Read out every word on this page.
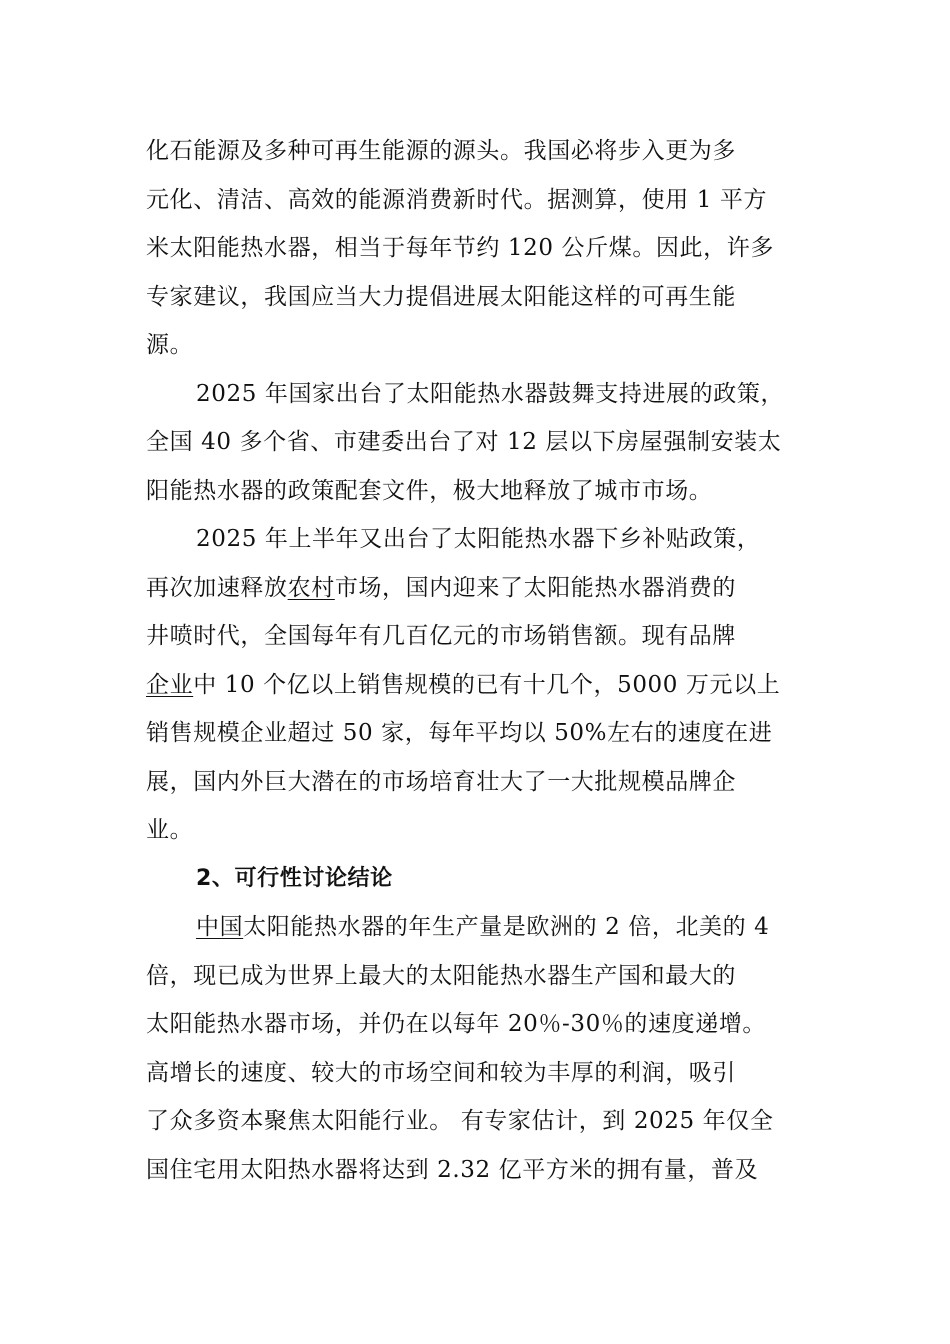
化石能源及多种可再生能源的源头。我国必将步入更为多
元化、清洁、高效的能源消费新时代。据测算，使用 1 平方
米太阳能热水器，相当于每年节约 120 公斤煤。因此，许多
专家建议，我国应当大力提倡进展太阳能这样的可再生能
源。
2025 年国家出台了太阳能热水器鼓舞支持进展的政策，
全国 40 多个省、市建委出台了对 12 层以下房屋强制安装太
阳能热水器的政策配套文件，极大地释放了城市市场。
2025 年上半年又出台了太阳能热水器下乡补贴政策，
再次加速释放农村市场，国内迎来了太阳能热水器消费的
井喷时代，全国每年有几百亿元的市场销售额。现有品牌
企业中 10 个亿以上销售规模的已有十几个，5000 万元以上
销售规模企业超过 50 家，每年平均以 50%左右的速度在进
展，国内外巨大潜在的市场培育壮大了一大批规模品牌企
业。
2、可行性讨论结论
中国太阳能热水器的年生产量是欧洲的 2 倍，北美的 4
倍，现已成为世界上最大的太阳能热水器生产国和最大的
太阳能热水器市场，并仍在以每年 20％-30％的速度递增。
高增长的速度、较大的市场空间和较为丰厚的利润，吸引
了众多资本聚焦太阳能行业。 有专家估计，到 2025 年仅全
国住宅用太阳热水器将达到 2.32 亿平方米的拥有量，普及
